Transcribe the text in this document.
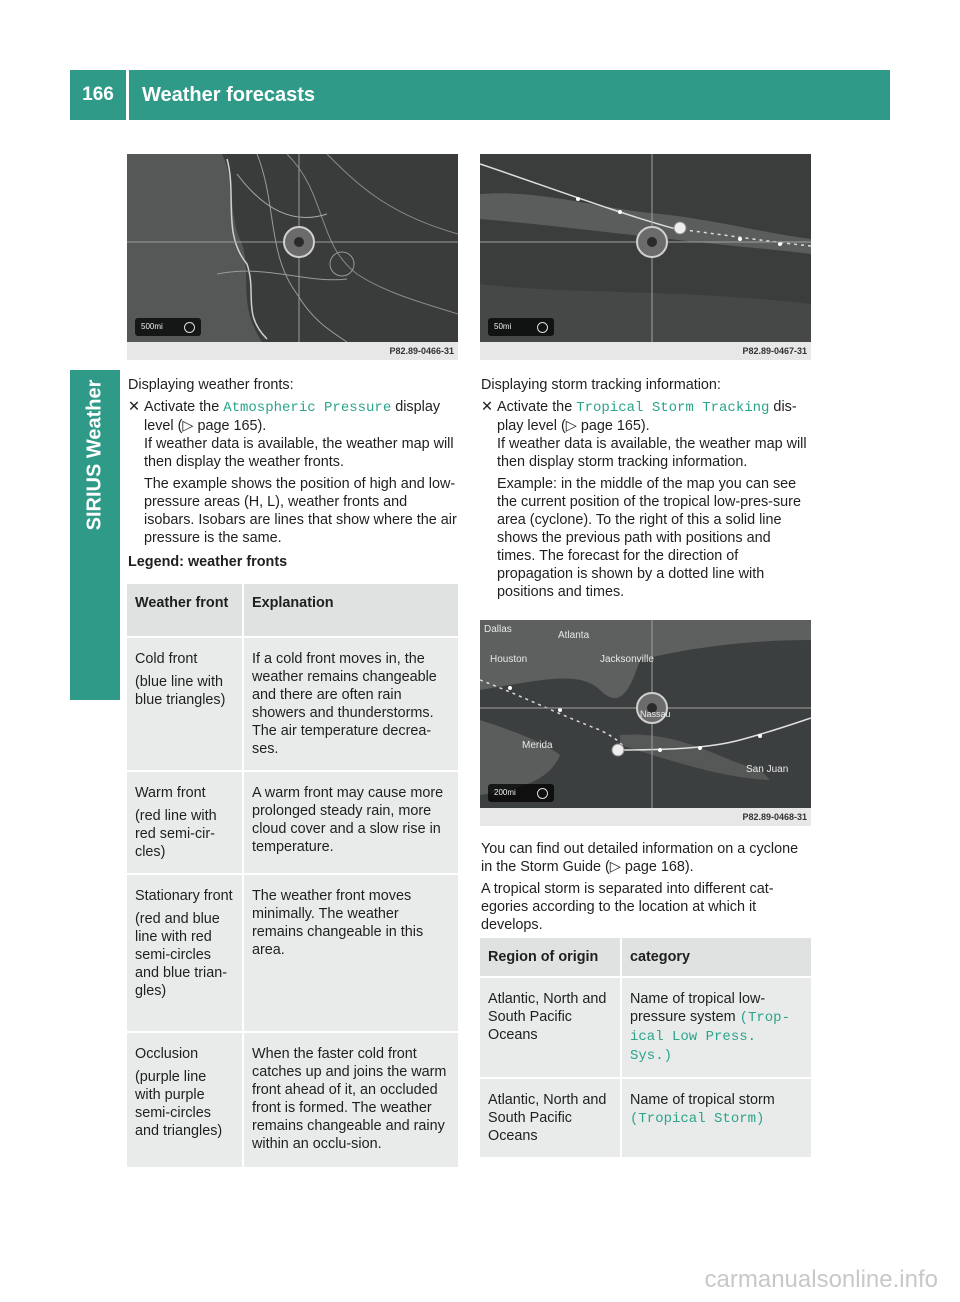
166	Weather forecasts
SIRIUS Weather
500mi
P82.89-0466-31
50mi
P82.89-0467-31

Displaying weather fronts:

✕ Activate the Atmospheric Pressure display level (▷ page 165).

If weather data is available, the weather map will then display the weather fronts.

The example shows the position of high and low-pressure areas (H, L), weather fronts and isobars. Isobars are lines that show where the air pressure is the same.

Legend: weather fronts

Weather front	Explanation

Cold front

(blue line with blue triangles)	If a cold front moves in, the weather remains changeable and there are often rain showers and thunderstorms. The air temperature decrea-ses.

Warm front

(red line with red semi-cir-cles)	A warm front may cause more prolonged steady rain, more cloud cover and a slow rise in temperature.

Stationary front

(red and blue line with red semi-circles and blue trian-gles)	The weather front moves minimally. The weather remains changeable in this area.

Occlusion

(purple line with purple semi-circles and triangles)	When the faster cold front catches up and joins the warm front ahead of it, an occluded front is formed. The weather remains changeable and rainy within an occlu-sion.

Displaying storm tracking information:

✕ Activate the Tropical Storm Tracking dis-play level (▷ page 165).

If weather data is available, the weather map will then display storm tracking information.

Example: in the middle of the map you can see the current position of the tropical low-pres-sure area (cyclone). To the right of this a solid line shows the previous path with positions and times. The forecast for the direction of propagation is shown by a dotted line with positions and times.

Dallas
Atlanta
Houston	Jacksonville
Nassau
Merida
San Juan
200mi
P82.89-0468-31

You can find out detailed information on a cyclone in the Storm Guide (▷ page 168).

A tropical storm is separated into different cat-egories according to the location at which it develops.

Region of origin	category

Atlantic, North and South Pacific Oceans	Name of tropical low-pressure system (Trop‐ical Low Press. Sys.)

Atlantic, North and South Pacific Oceans	Name of tropical storm (Tropical Storm)

carmanualsonline.info
